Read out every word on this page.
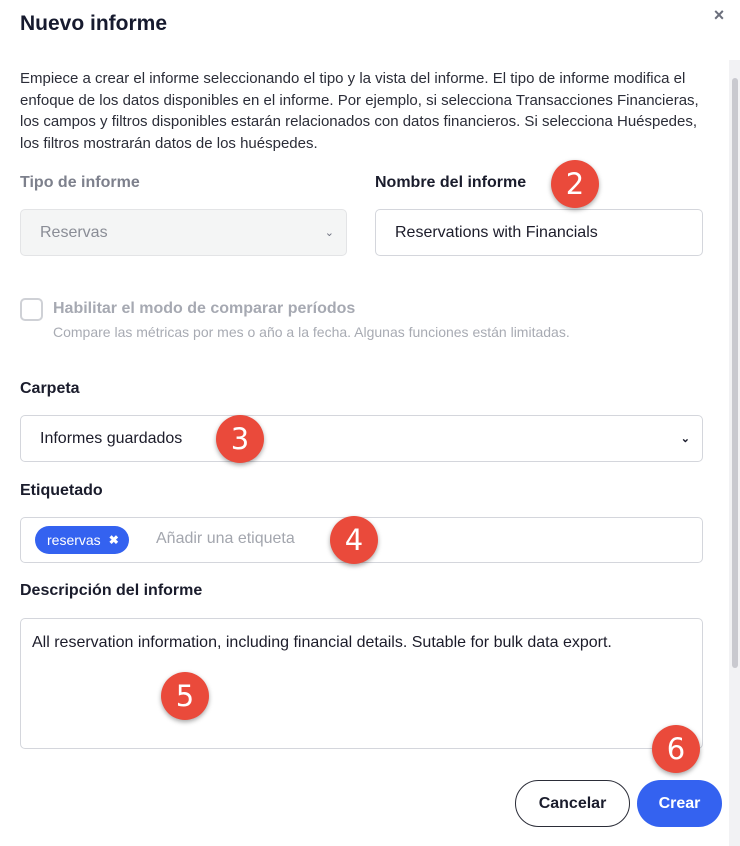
Nuevo informe	×

Empiece a crear el informe seleccionando el tipo y la vista del informe. El tipo de informe modifica el enfoque de los datos disponibles en el informe. Por ejemplo, si selecciona Transacciones Financieras, los campos y filtros disponibles estarán relacionados con datos financieros. Si selecciona Huéspedes, los filtros mostrarán datos de los huéspedes.

Tipo de informe
Reservas	⌄
Nombre del informe
Reservations with Financials
Habilitar el modo de comparar períodos
Compare las métricas por mes o año a la fecha. Algunas funciones están limitadas.
Carpeta
Informes guardados	⌄
Etiquetado
reservas ✖ Añadir una etiqueta
Descripción del informe
All reservation information, including financial details. Sutable for bulk data export.
Cancelar	Crear
2
3
4
5
6
